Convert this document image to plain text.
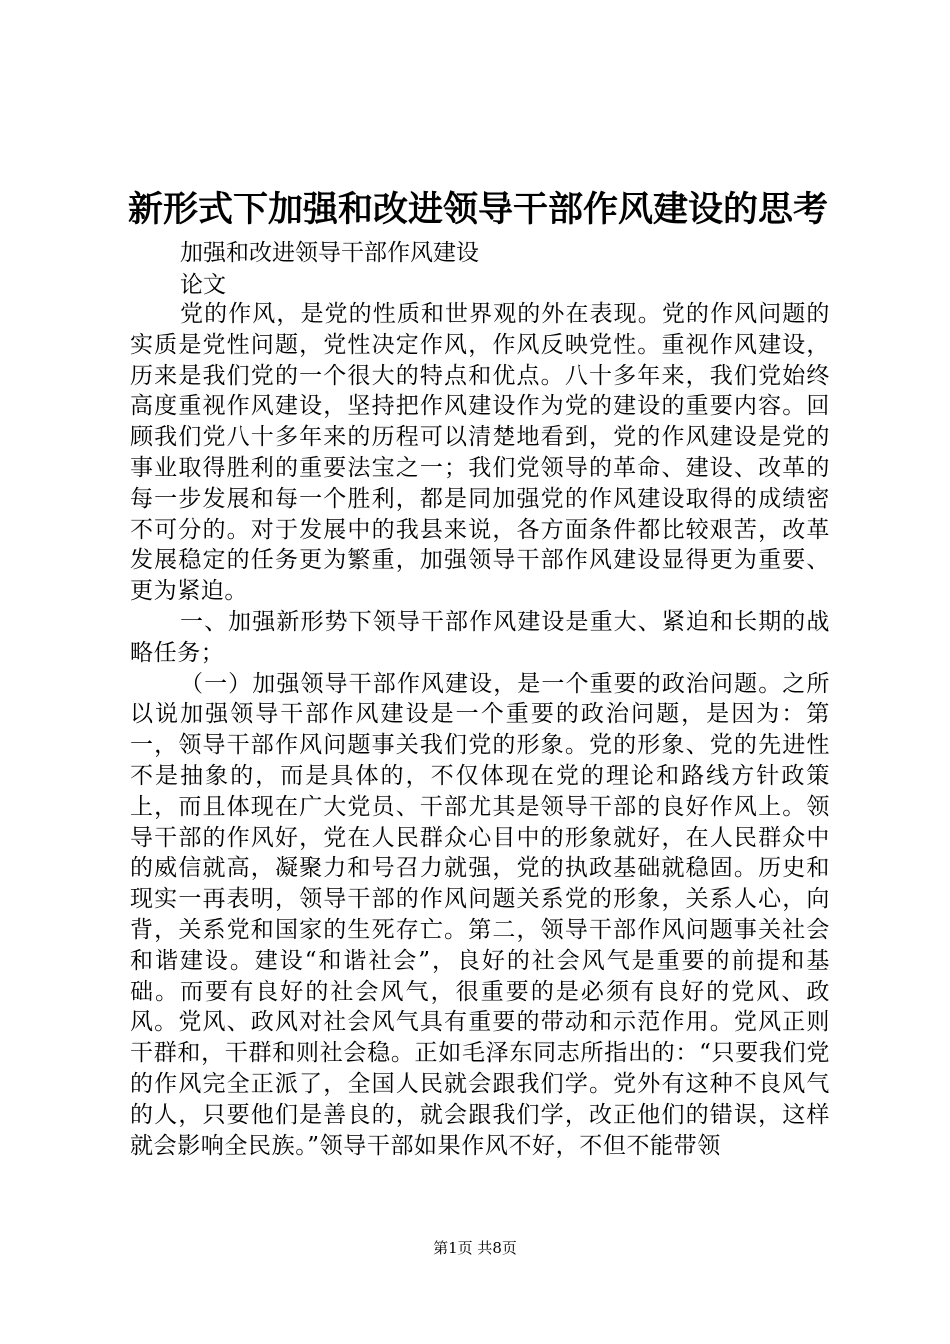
新形式下加强和改进领导干部作风建设的思考

加强和改进领导干部作风建设

论文

党的作风，是党的性质和世界观的外在表现。党的作风问题的实质是党性问题，党性决定作风，作风反映党性。重视作风建设，历来是我们党的一个很大的特点和优点。八十多年来，我们党始终高度重视作风建设，坚持把作风建设作为党的建设的重要内容。回顾我们党八十多年来的历程可以清楚地看到，党的作风建设是党的事业取得胜利的重要法宝之一；我们党领导的革命、建设、改革的每一步发展和每一个胜利，都是同加强党的作风建设取得的成绩密不可分的。对于发展中的我县来说，各方面条件都比较艰苦，改革发展稳定的任务更为繁重，加强领导干部作风建设显得更为重要、更为紧迫。

一、加强新形势下领导干部作风建设是重大、紧迫和长期的战略任务；

（一）加强领导干部作风建设，是一个重要的政治问题。之所以说加强领导干部作风建设是一个重要的政治问题，是因为：第一，领导干部作风问题事关我们党的形象。党的形象、党的先进性不是抽象的，而是具体的，不仅体现在党的理论和路线方针政策上，而且体现在广大党员、干部尤其是领导干部的良好作风上。领导干部的作风好，党在人民群众心目中的形象就好，在人民群众中的威信就高，凝聚力和号召力就强，党的执政基础就稳固。历史和现实一再表明，领导干部的作风问题关系党的形象，关系人心，向背，关系党和国家的生死存亡。第二，领导干部作风问题事关社会和谐建设。建设“和谐社会”，良好的社会风气是重要的前提和基础。而要有良好的社会风气，很重要的是必须有良好的党风、政风。党风、政风对社会风气具有重要的带动和示范作用。党风正则干群和，干群和则社会稳。正如毛泽东同志所指出的：“只要我们党的作风完全正派了，全国人民就会跟我们学。党外有这种不良风气的人，只要他们是善良的，就会跟我们学，改正他们的错误，这样就会影响全民族。”领导干部如果作风不好，不但不能带领

第1页 共8页
